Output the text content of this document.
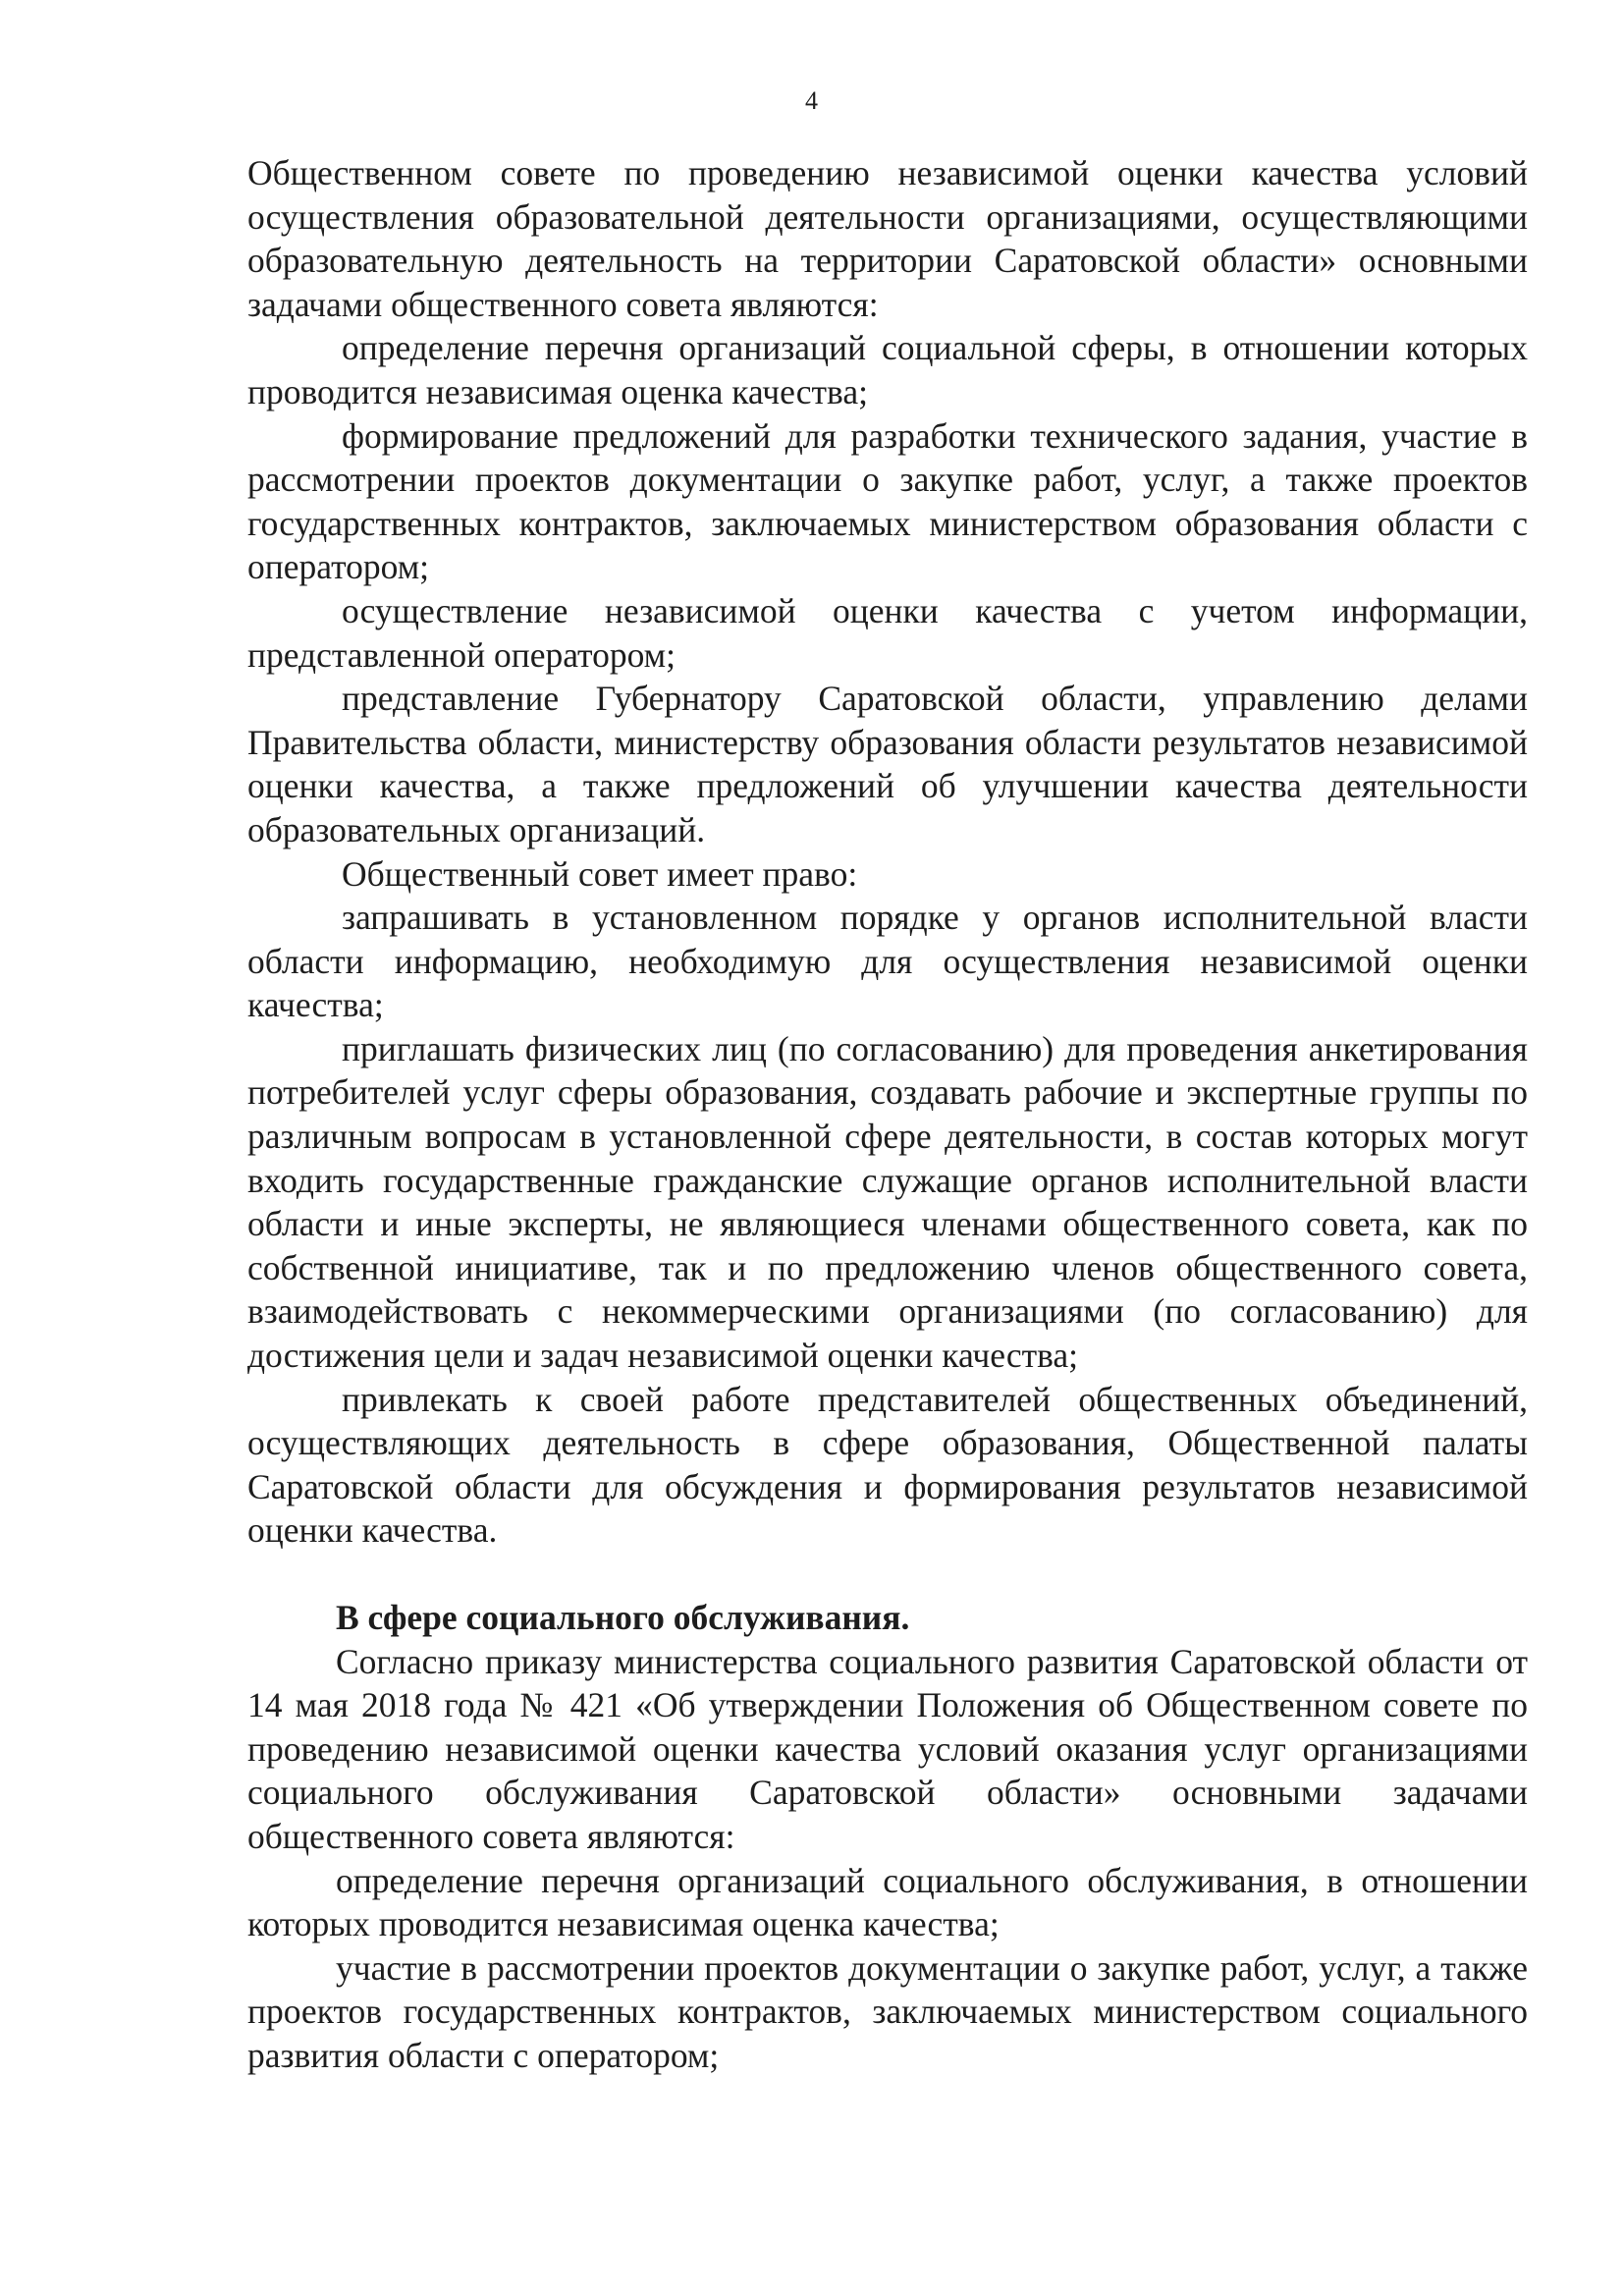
4

Общественном совете по проведению независимой оценки качества условий осуществления образовательной деятельности организациями, осуществляющими образовательную деятельность на территории Саратовской области» основными задачами общественного совета являются:

определение перечня организаций социальной сферы, в отношении которых проводится независимая оценка качества;

формирование предложений для разработки технического задания, участие в рассмотрении проектов документации о закупке работ, услуг, а также проектов государственных контрактов, заключаемых министерством образования области с оператором;

осуществление независимой оценки качества с учетом информации, представленной оператором;

представление Губернатору Саратовской области, управлению делами Правительства области, министерству образования области результатов независимой оценки качества, а также предложений об улучшении качества деятельности образовательных организаций.

Общественный совет имеет право:

запрашивать в установленном порядке у органов исполнительной власти области информацию, необходимую для осуществления независимой оценки качества;

приглашать физических лиц (по согласованию) для проведения анкетирования потребителей услуг сферы образования, создавать рабочие и экспертные группы по различным вопросам в установленной сфере деятельности, в состав которых могут входить государственные гражданские служащие органов исполнительной власти области и иные эксперты, не являющиеся членами общественного совета, как по собственной инициативе, так и по предложению членов общественного совета, взаимодействовать с некоммерческими организациями (по согласованию) для достижения цели и задач независимой оценки качества;

привлекать к своей работе представителей общественных объединений, осуществляющих деятельность в сфере образования, Общественной палаты Саратовской области для обсуждения и формирования результатов независимой оценки качества.

В сфере социального обслуживания.

Согласно приказу министерства социального развития Саратовской области от 14 мая 2018 года № 421 «Об утверждении Положения об Общественном совете по проведению независимой оценки качества условий оказания услуг организациями социального обслуживания Саратовской области» основными задачами общественного совета являются:

определение перечня организаций социального обслуживания, в отношении которых проводится независимая оценка качества;

участие в рассмотрении проектов документации о закупке работ, услуг, а также проектов государственных контрактов, заключаемых министерством социального развития области с оператором;
